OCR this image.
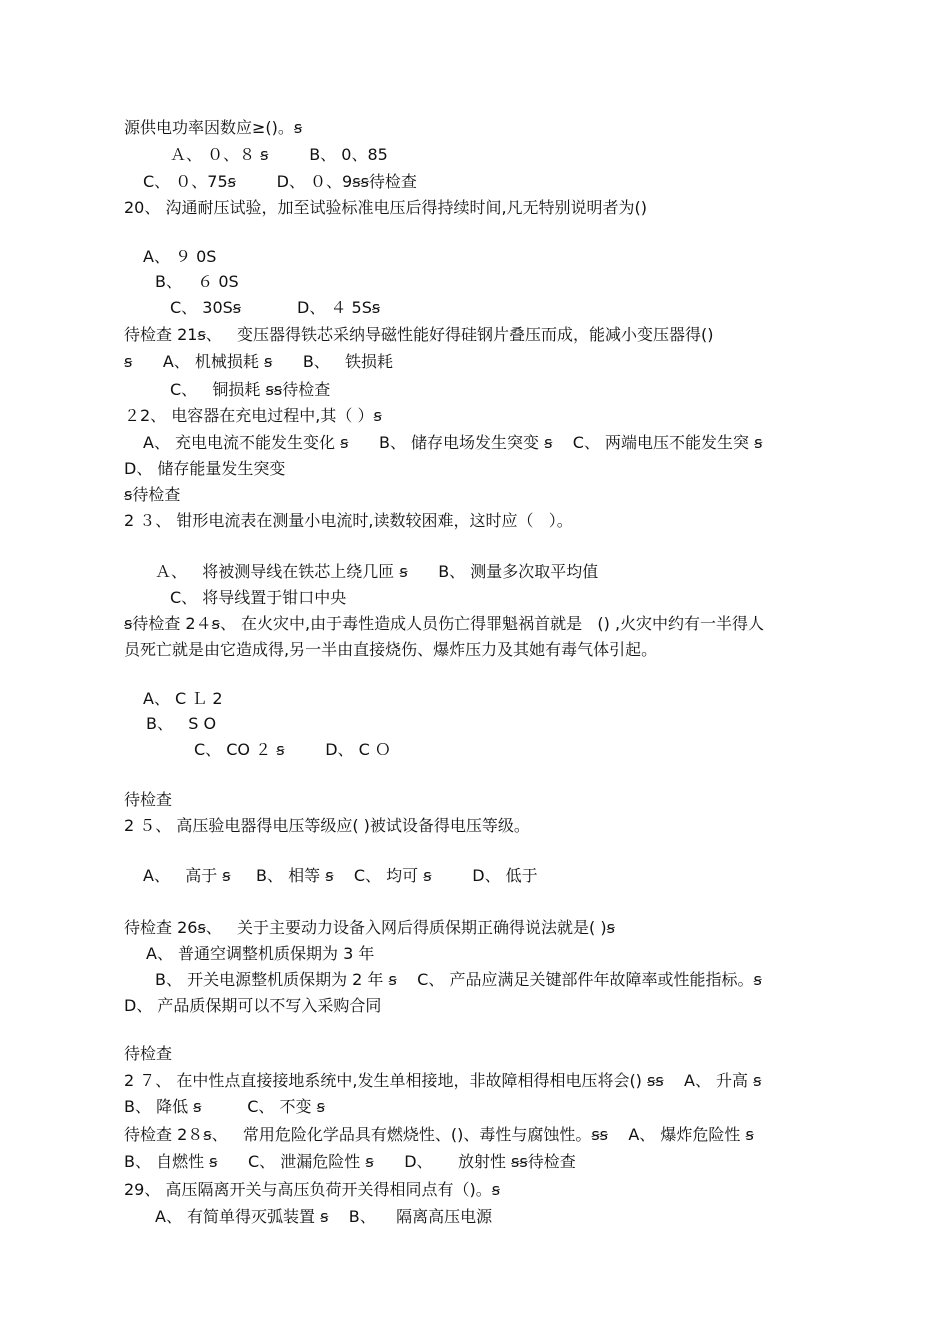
源供电功率因数应≥()。ꞩ
Ａ、 ０、８ ꞩ        B、 0、85
C、 ０、75ꞩ        D、 ０、9ꞩꞩ待检查
20、 沟通耐压试验，加至试验标准电压后得持续时间,凡无特别说明者为()
A、 ９ 0S
B、   ６ 0S
C、 30Sꞩ           D、 ４ 5Sꞩ
待检查 21ꞩ、   变压器得铁芯采纳导磁性能好得硅钢片叠压而成，能减小变压器得()
ꞩ      A、 机械损耗 ꞩ      B、   铁损耗
C、   铜损耗 ꞩꞩ待检查
２2、 电容器在充电过程中,其（ ）ꞩ
A、 充电电流不能发生变化 ꞩ      B、 储存电场发生突变 ꞩ    C、 两端电压不能发生突 ꞩ
D、 储存能量发生突变
ꞩ待检查
2 ３、 钳形电流表在测量小电流时,读数较困难，这时应（   ）。
Ａ、   将被测导线在铁芯上绕几匝 ꞩ      B、 测量多次取平均值
C、 将导线置于钳口中央
ꞩ待检查 2４ꞩ、 在火灾中,由于毒性造成人员伤亡得罪魁祸首就是   () ,火灾中约有一半得人
员死亡就是由它造成得,另一半由直接烧伤、爆炸压力及其她有毒气体引起。
A、 C Ｌ 2
B、   S O
C、 CO ２ ꞩ        D、 C Ｏ
待检查
2 ５、 高压验电器得电压等级应( )被试设备得电压等级。
A、   高于 ꞩ     B、 相等 ꞩ    C、 均可 ꞩ        D、 低于
待检查 26ꞩ、   关于主要动力设备入网后得质保期正确得说法就是( )ꞩ
A、 普通空调整机质保期为 3 年
B、 开关电源整机质保期为 2 年 ꞩ    C、 产品应满足关键部件年故障率或性能指标。ꞩ
D、 产品质保期可以不写入采购合同
待检查
2 ７、 在中性点直接接地系统中,发生单相接地，非故障相得相电压将会() ꞩꞩ    A、 升高 ꞩ
B、 降低 ꞩ         C、 不变 ꞩ
待检查 2８ꞩ、   常用危险化学品具有燃烧性、()、毒性与腐蚀性。ꞩꞩ    A、 爆炸危险性 ꞩ
B、 自燃性 ꞩ      C、 泄漏危险性 ꞩ      D、     放射性 ꞩꞩ待检查
29、 高压隔离开关与高压负荷开关得相同点有（)。ꞩ
A、 有简单得灭弧装置 ꞩ    B、    隔离高压电源
